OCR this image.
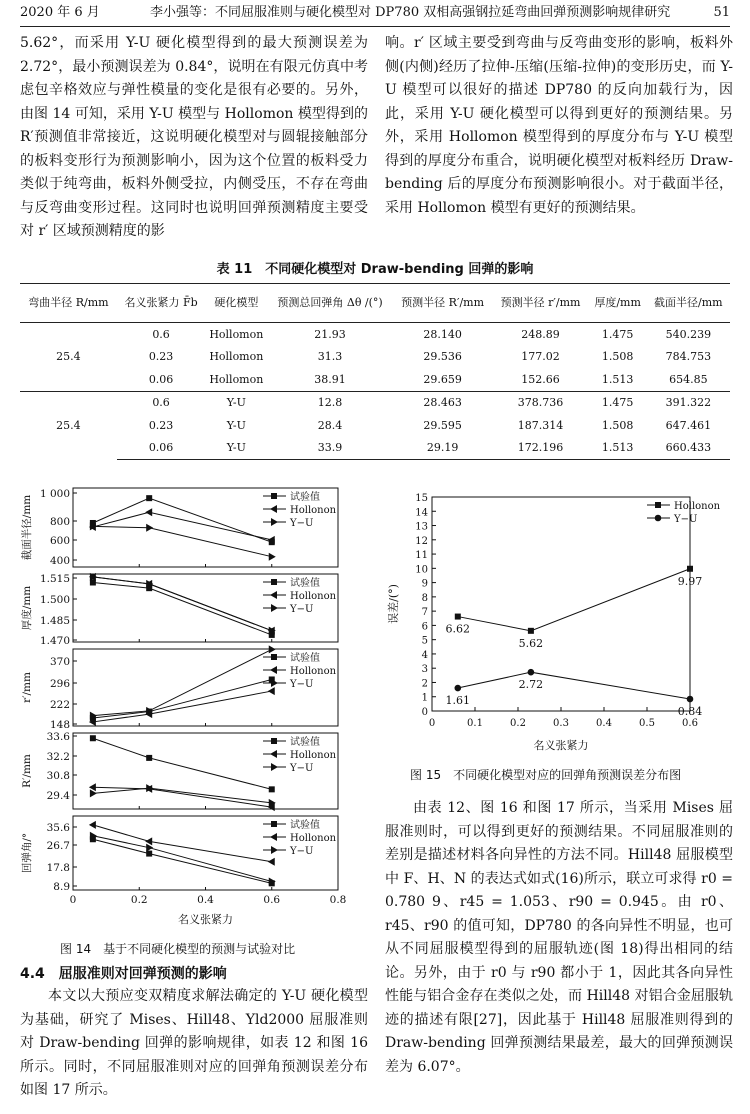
2020 年 6 月	李小强等：不同屈服准则与硬化模型对 DP780 双相高强钢拉延弯曲回弹预测影响规律研究	51

5.62°，而采用 Y-U 硬化模型得到的最大预测误差为 2.72°，最小预测误差为 0.84°，说明在有限元仿真中考虑包辛格效应与弹性模量的变化是很有必要的。另外，由图 14 可知，采用 Y-U 模型与 Hollomon 模型得到的 R′预测值非常接近，这说明硬化模型对与圆辊接触部分的板料变形行为预测影响小，因为这个位置的板料受力类似于纯弯曲，板料外侧受拉，内侧受压，不存在弯曲与反弯曲变形过程。这同时也说明回弹预测精度主要受对 r′ 区域预测精度的影

响。r′ 区域主要受到弯曲与反弯曲变形的影响，板料外侧(内侧)经历了拉伸-压缩(压缩-拉伸)的变形历史，而 Y-U 模型可以很好的描述 DP780 的反向加载行为，因此，采用 Y-U 硬化模型可以得到更好的预测结果。另外，采用 Hollomon 模型得到的厚度分布与 Y-U 模型得到的厚度分布重合，说明硬化模型对板料经历 Draw-bending 后的厚度分布预测影响很小。对于截面半径，采用 Hollomon 模型有更好的预测结果。

表 11　不同硬化模型对 Draw-bending 回弹的影响
弯曲半径 R/mm	名义张紧力 F̄b	硬化模型	预测总回弹角 Δθ /(°)	预测半径 R′/mm	预测半径 r′/mm	厚度/mm	截面半径/mm
25.4	0.6	Hollomon	21.93	28.140	248.89	1.475	540.239
	0.23	Hollomon	31.3	29.536	177.02	1.508	784.753
	0.06	Hollomon	38.91	29.659	152.66	1.513	654.85
25.4	0.6	Y-U	12.8	28.463	378.736	1.475	391.322
	0.23	Y-U	28.4	29.595	187.314	1.508	647.461
	0.06	Y-U	33.9	29.19	172.196	1.513	660.433
1 000
800
600
400
截面半径/mm	试验值
Hollonon
Y−U
1.515
1.500
1.485
1.470
厚度/mm
试验值
Hollonon
Y−U
370
296
222
148
r′/mm
试验值
Hollonon
Y−U
33.6
32.2
30.8
29.4
R′/mm
试验值
Hollonon
Y−U
35.6
26.7
17.8
8.9
回弹角/°
试验值
Hollonon
Y−U
0	0.2	0.4	0.6	0.8
名义张紧力
图 14　基于不同硬化模型的预测与试验对比
0
1
2
3
4
5
6
7
8
9
10
11
12
13
14
15
0	0.1	0.2	0.3	0.4	0.5	0.6
名义张紧力
误差/(°)
6.62
5.62
9.97
1.61
2.72
0.84
Hollonon
Y−U
图 15　不同硬化模型对应的回弹角预测误差分布图
4.4　屈服准则对回弹预测的影响

本文以大预应变双精度求解法确定的 Y-U 硬化模型为基础，研究了 Mises、Hill48、Yld2000 屈服准则对 Draw-bending 回弹的影响规律，如表 12 和图 16 所示。同时，不同屈服准则对应的回弹角预测误差分布如图 17 所示。

由表 12、图 16 和图 17 所示，当采用 Mises 屈服准则时，可以得到更好的预测结果。不同屈服准则的差别是描述材料各向异性的方法不同。Hill48 屈服模型中 F、H、N 的表达式如式(16)所示，联立可求得 r0 = 0.780 9、r45 = 1.053、r90 = 0.945。由 r0、r45、r90 的值可知，DP780 的各向异性不明显，也可从不同屈服模型得到的屈服轨迹(图 18)得出相同的结论。另外，由于 r0 与 r90 都小于 1，因此其各向异性性能与铝合金存在类似之处，而 Hill48 对铝合金屈服轨迹的描述有限[27]，因此基于 Hill48 屈服准则得到的 Draw-bending 回弹预测结果最差，最大的回弹预测误差为 6.07°。
